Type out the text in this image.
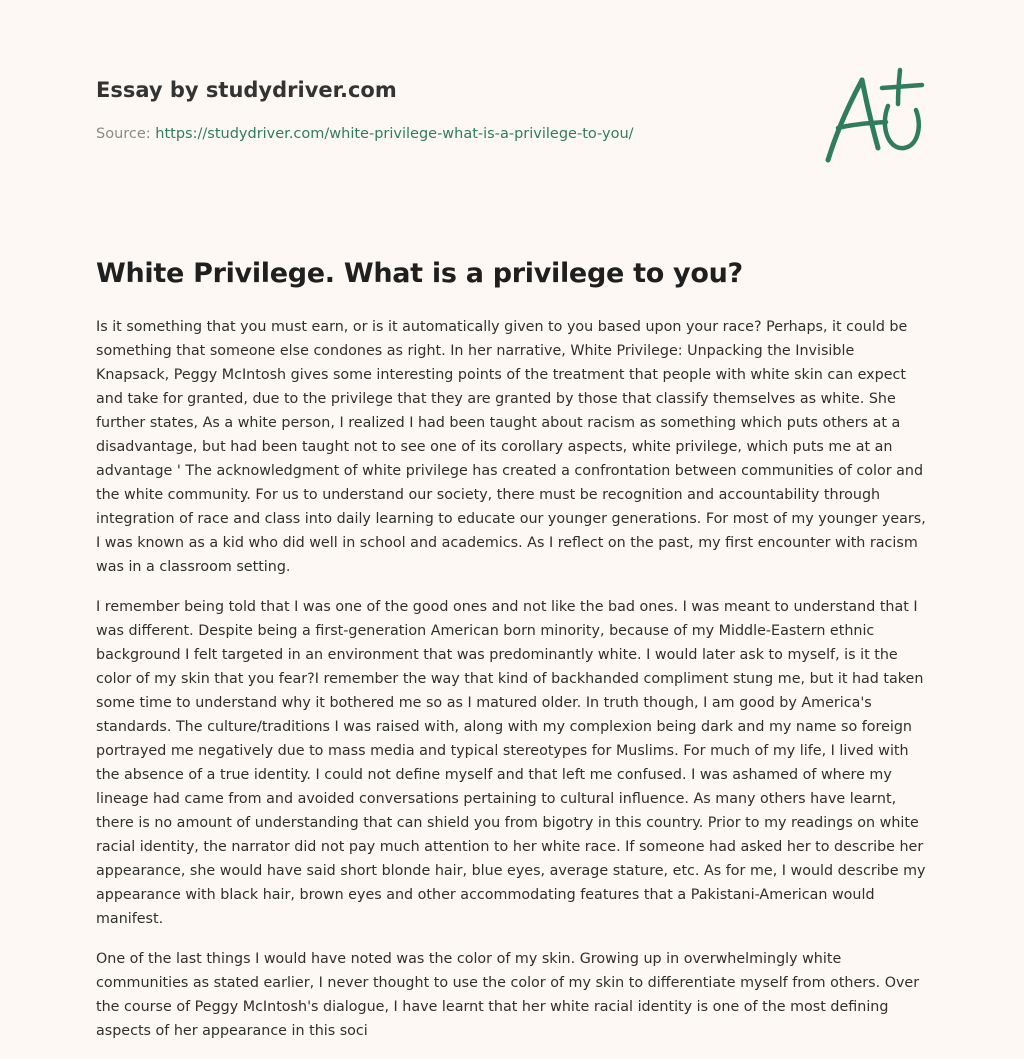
Essay by studydriver.com
Source: https://studydriver.com/white-privilege-what-is-a-privilege-to-you/
White Privilege. What is a privilege to you?

Is it something that you must earn, or is it automatically given to you based upon your race? Perhaps, it could be something that someone else condones as right. In her narrative, White Privilege: Unpacking the Invisible Knapsack, Peggy McIntosh gives some interesting points of the treatment that people with white skin can expect and take for granted, due to the privilege that they are granted by those that classify themselves as white. She further states, As a white person, I realized I had been taught about racism as something which puts others at a disadvantage, but had been taught not to see one of its corollary aspects, white privilege, which puts me at an advantage ' The acknowledgment of white privilege has created a confrontation between communities of color and the white community. For us to understand our society, there must be recognition and accountability through integration of race and class into daily learning to educate our younger generations. For most of my younger years, I was known as a kid who did well in school and academics. As I reflect on the past, my first encounter with racism was in a classroom setting.

I remember being told that I was one of the good ones and not like the bad ones. I was meant to understand that I was different. Despite being a first-generation American born minority, because of my Middle-Eastern ethnic background I felt targeted in an environment that was predominantly white. I would later ask to myself, is it the color of my skin that you fear?I remember the way that kind of backhanded compliment stung me, but it had taken some time to understand why it bothered me so as I matured older. In truth though, I am good by America's standards. The culture/traditions I was raised with, along with my complexion being dark and my name so foreign portrayed me negatively due to mass media and typical stereotypes for Muslims. For much of my life, I lived with the absence of a true identity. I could not define myself and that left me confused. I was ashamed of where my lineage had came from and avoided conversations pertaining to cultural influence. As many others have learnt, there is no amount of understanding that can shield you from bigotry in this country. Prior to my readings on white racial identity, the narrator did not pay much attention to her white race. If someone had asked her to describe her appearance, she would have said short blonde hair, blue eyes, average stature, etc. As for me, I would describe my appearance with black hair, brown eyes and other accommodating features that a Pakistani-American would manifest.

One of the last things I would have noted was the color of my skin. Growing up in overwhelmingly white communities as stated earlier, I never thought to use the color of my skin to differentiate myself from others. Over the course of Peggy McIntosh's dialogue, I have learnt that her white racial identity is one of the most defining aspects of her appearance in this soci
